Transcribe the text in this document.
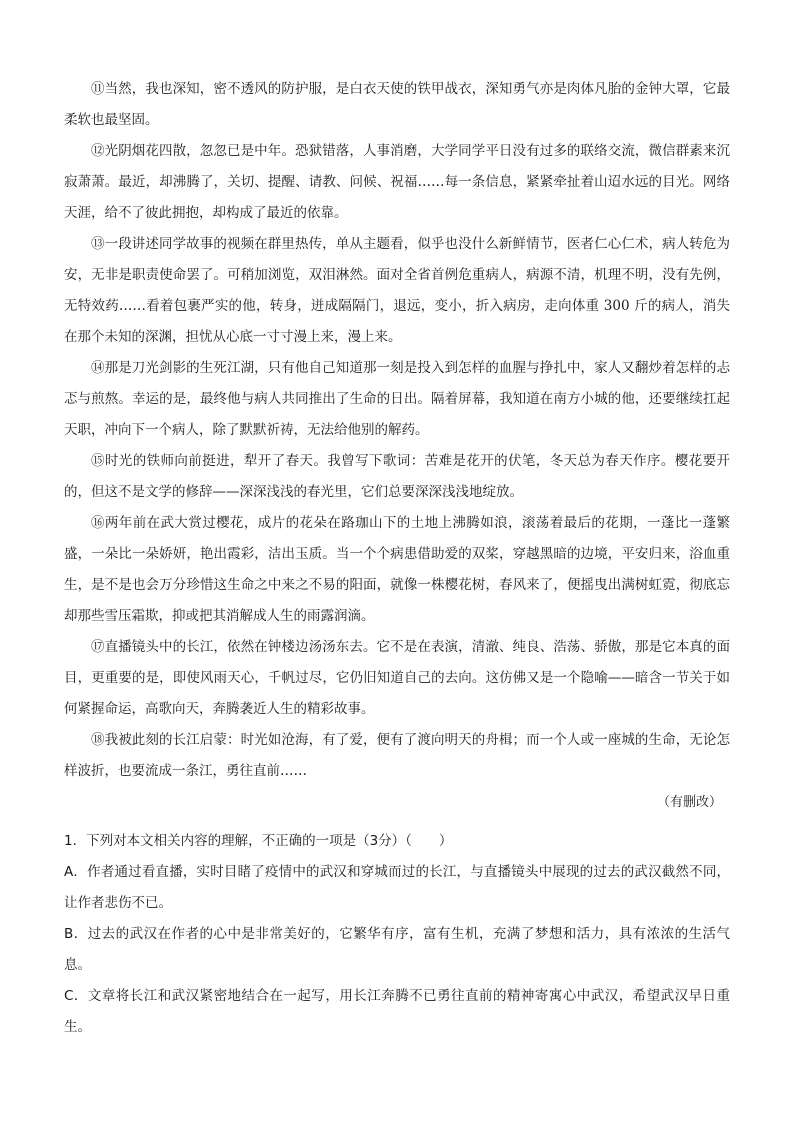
⑪当然，我也深知，密不透风的防护服，是白衣天使的铁甲战衣，深知勇气亦是肉体凡胎的金钟大罩，它最柔软也最坚固。

⑫光阴烟花四散，忽忽已是中年。恐狱错落，人事消磨，大学同学平日没有过多的联络交流，微信群素来沉寂萧萧。最近，却沸腾了，关切、提醒、请教、问候、祝福……每一条信息，紧紧牵扯着山迢水远的目光。网络天涯，给不了彼此拥抱，却构成了最近的依靠。

⑬一段讲述同学故事的视频在群里热传，单从主题看，似乎也没什么新鲜情节，医者仁心仁术，病人转危为安，无非是职责使命罢了。可稍加浏览，双泪淋然。面对全省首例危重病人，病源不清，机理不明，没有先例，无特效药……看着包裹严实的他，转身，迸成隔隔门，退远，变小，折入病房，走向体重 300 斤的病人，消失在那个未知的深渊，担忧从心底一寸寸漫上来，漫上来。

⑭那是刀光剑影的生死江湖，只有他自己知道那一刻是投入到怎样的血腥与挣扎中，家人又翻炒着怎样的忐忑与煎熬。幸运的是，最终他与病人共同推出了生命的日出。隔着屏幕，我知道在南方小城的他，还要继续扛起天职，冲向下一个病人，除了默默祈祷，无法给他别的解药。

⑮时光的铁师向前挺进，犁开了春天。我曾写下歌词：苦难是花开的伏笔，冬天总为春天作序。樱花要开的，但这不是文学的修辞——深深浅浅的春光里，它们总要深深浅浅地绽放。

⑯两年前在武大赏过樱花，成片的花朵在路珈山下的土地上沸腾如浪，滚荡着最后的花期，一蓬比一蓬繁盛，一朵比一朵娇妍，艳出霞彩，洁出玉质。当一个个病患借助爱的双桨，穿越黑暗的边境，平安归来，浴血重生，是不是也会万分珍惜这生命之中来之不易的阳面，就像一株樱花树，春风来了，便摇曳出满树虹霓，彻底忘却那些雪压霜欺，抑或把其消解成人生的雨露润滴。

⑰直播镜头中的长江，依然在钟楼边汤汤东去。它不是在表演，清澈、纯良、浩荡、骄傲，那是它本真的面目，更重要的是，即使风雨天心，千帆过尽，它仍旧知道自己的去向。这仿佛又是一个隐喻——暗含一节关于如何紧握命运，高歌向天，奔腾袭近人生的精彩故事。

⑱我被此刻的长江启蒙：时光如沧海，有了爱，便有了渡向明天的舟楫；而一个人或一座城的生命，无论怎样波折，也要流成一条江，勇往直前……

（有删改）

1．下列对本文相关内容的理解，不正确的一项是（3分）（　　）

A．作者通过看直播，实时目睹了疫情中的武汉和穿城而过的长江，与直播镜头中展现的过去的武汉截然不同，让作者悲伤不已。

B．过去的武汉在作者的心中是非常美好的，它繁华有序，富有生机，充满了梦想和活力，具有浓浓的生活气息。

C．文章将长江和武汉紧密地结合在一起写，用长江奔腾不已勇往直前的精神寄寓心中武汉，希望武汉早日重生。
